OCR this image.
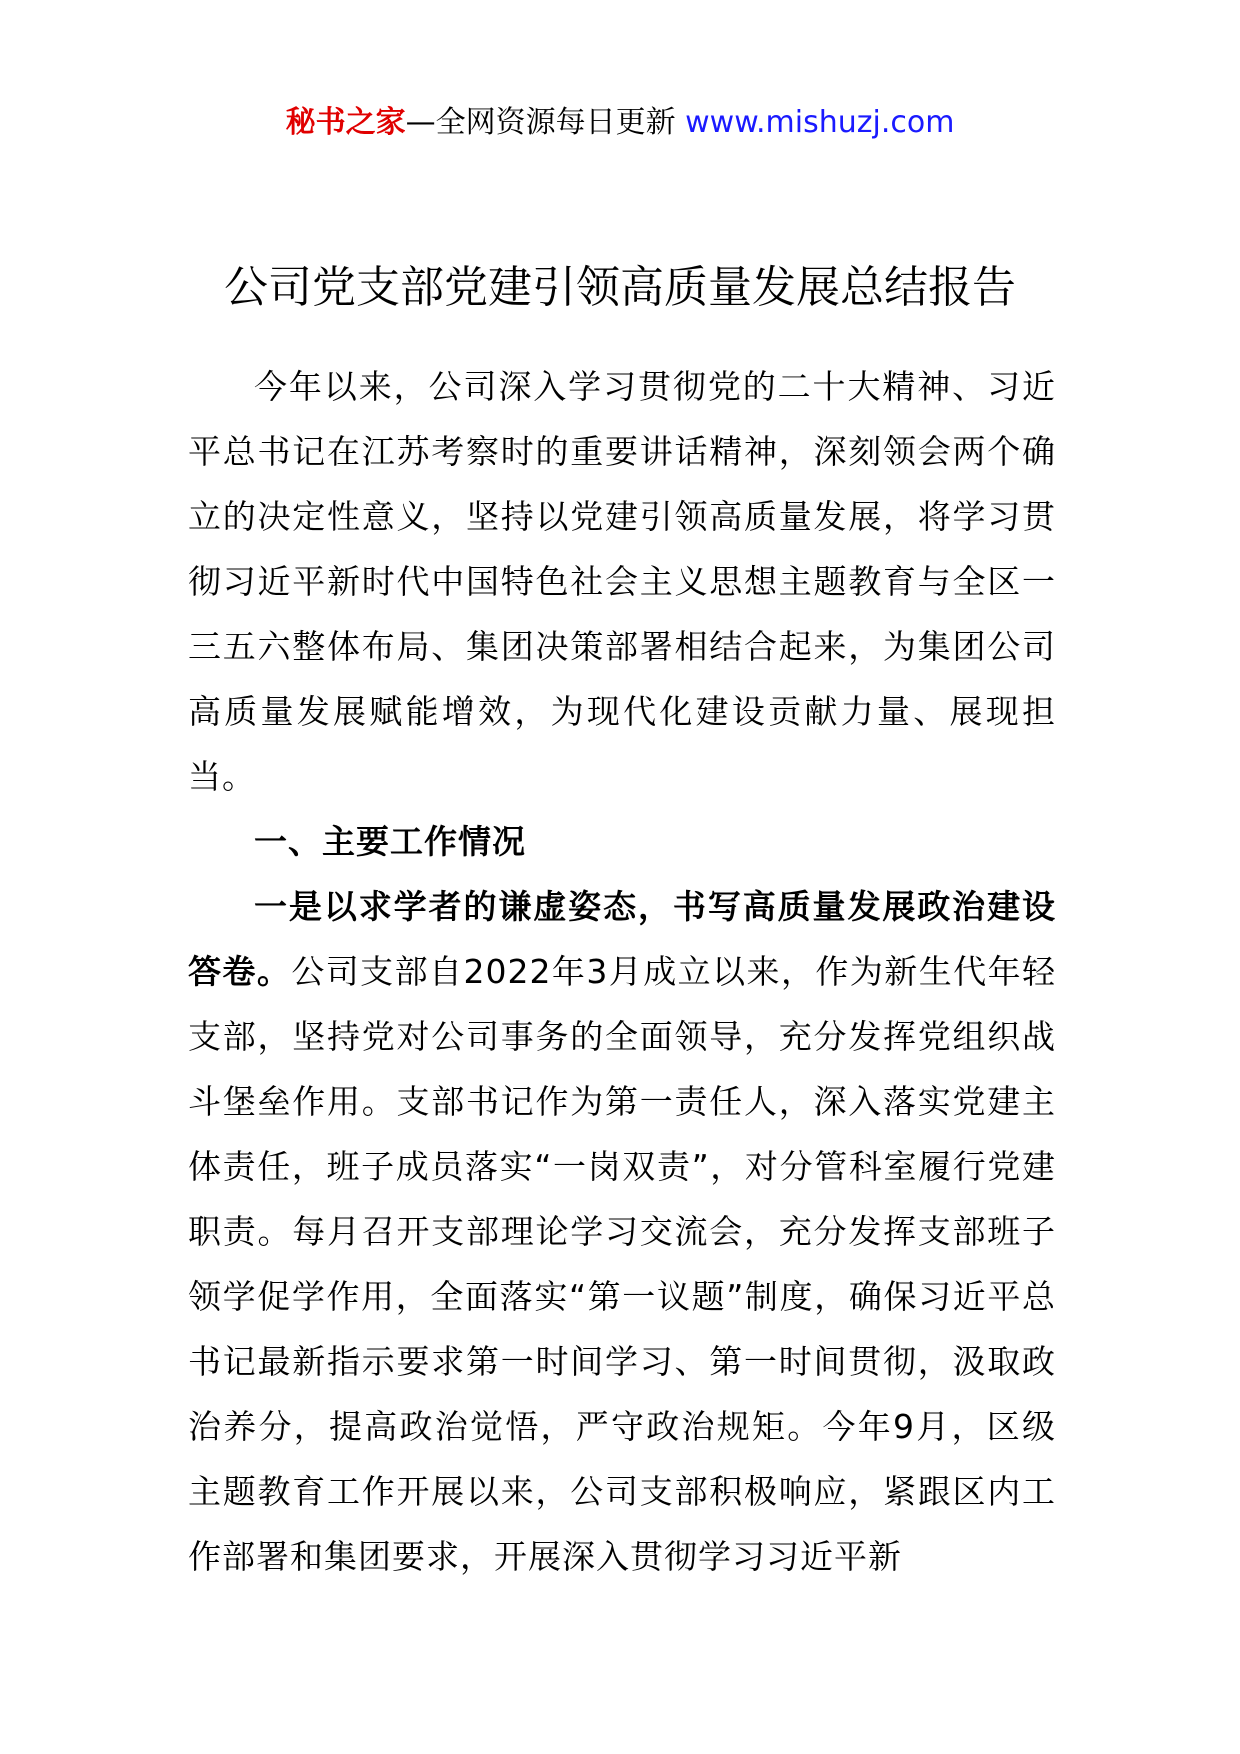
秘书之家—全网资源每日更新 www.mishuzj.com
公司党支部党建引领高质量发展总结报告

今年以来，公司深入学习贯彻党的二十大精神、习近平总书记在江苏考察时的重要讲话精神，深刻领会两个确立的决定性意义，坚持以党建引领高质量发展，将学习贯彻习近平新时代中国特色社会主义思想主题教育与全区一三五六整体布局、集团决策部署相结合起来，为集团公司高质量发展赋能增效，为现代化建设贡献力量、展现担当。

一、主要工作情况

一是以求学者的谦虚姿态，书写高质量发展政治建设答卷。公司支部自2022年3月成立以来，作为新生代年轻支部，坚持党对公司事务的全面领导，充分发挥党组织战斗堡垒作用。支部书记作为第一责任人，深入落实党建主体责任，班子成员落实“一岗双责”，对分管科室履行党建职责。每月召开支部理论学习交流会，充分发挥支部班子领学促学作用，全面落实“第一议题”制度，确保习近平总书记最新指示要求第一时间学习、第一时间贯彻，汲取政治养分，提高政治觉悟，严守政治规矩。今年9月，区级主题教育工作开展以来，公司支部积极响应，紧跟区内工作部署和集团要求，开展深入贯彻学习习近平新
